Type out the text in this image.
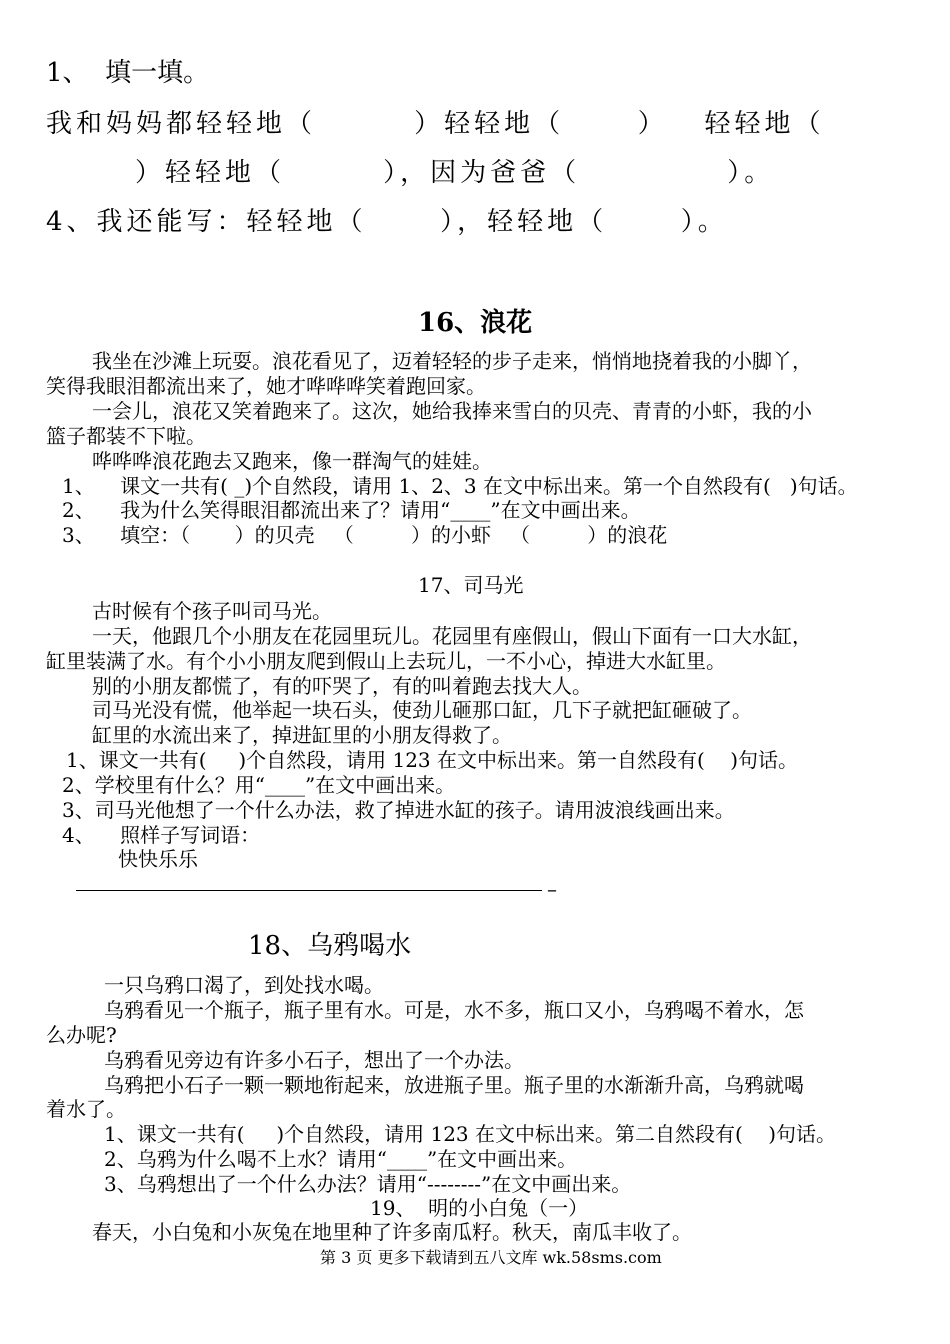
1、  填一填。
我和妈妈都轻轻地（        ）轻轻地（      ）   轻轻地（
）轻轻地（        ），因为爸爸（            ）。
4、我还能写：轻轻地（      ），轻轻地（      ）。
16、浪花
我坐在沙滩上玩耍。浪花看见了，迈着轻轻的步子走来，悄悄地挠着我的小脚丫，
笑得我眼泪都流出来了，她才哗哗哗笑着跑回家。
一会儿，浪花又笑着跑来了。这次，她给我捧来雪白的贝壳、青青的小虾，我的小
篮子都装不下啦。
哗哗哗浪花跑去又跑来，像一群淘气的娃娃。
1、    课文一共有( _)个自然段，请用 1、2、3 在文中标出来。第一个自然段有(   )句话。
2、    我为什么笑得眼泪都流出来了？请用“____”在文中画出来。
3、    填空：（       ）的贝壳   （         ）的小虾   （         ）的浪花
17、司马光
古时候有个孩子叫司马光。
一天，他跟几个小朋友在花园里玩儿。花园里有座假山，假山下面有一口大水缸，
缸里装满了水。有个小小朋友爬到假山上去玩儿，一不小心，掉进大水缸里。
别的小朋友都慌了，有的吓哭了，有的叫着跑去找大人。
司马光没有慌，他举起一块石头，使劲儿砸那口缸，几下子就把缸砸破了。
缸里的水流出来了，掉进缸里的小朋友得救了。
1、课文一共有(     )个自然段，请用 123 在文中标出来。第一自然段有(    )句话。
2、学校里有什么？用“____”在文中画出来。
3、司马光他想了一个什么办法，救了掉进水缸的孩子。请用波浪线画出来。
4、    照样子写词语：
快快乐乐
–
18、乌鸦喝水
一只乌鸦口渴了，到处找水喝。
乌鸦看见一个瓶子，瓶子里有水。可是，水不多，瓶口又小，乌鸦喝不着水，怎
么办呢?
乌鸦看见旁边有许多小石子，想出了一个办法。
乌鸦把小石子一颗一颗地衔起来，放进瓶子里。瓶子里的水渐渐升高，乌鸦就喝
着水了。
1、课文一共有(     )个自然段，请用 123 在文中标出来。第二自然段有(    )句话。
2、乌鸦为什么喝不上水？请用“____”在文中画出来。
3、乌鸦想出了一个什么办法？请用“--------”在文中画出来。
19、  明的小白兔（一）
春天，小白兔和小灰兔在地里种了许多南瓜籽。秋天，南瓜丰收了。
第 3 页 更多下载请到五八文库 wk.58sms.com
